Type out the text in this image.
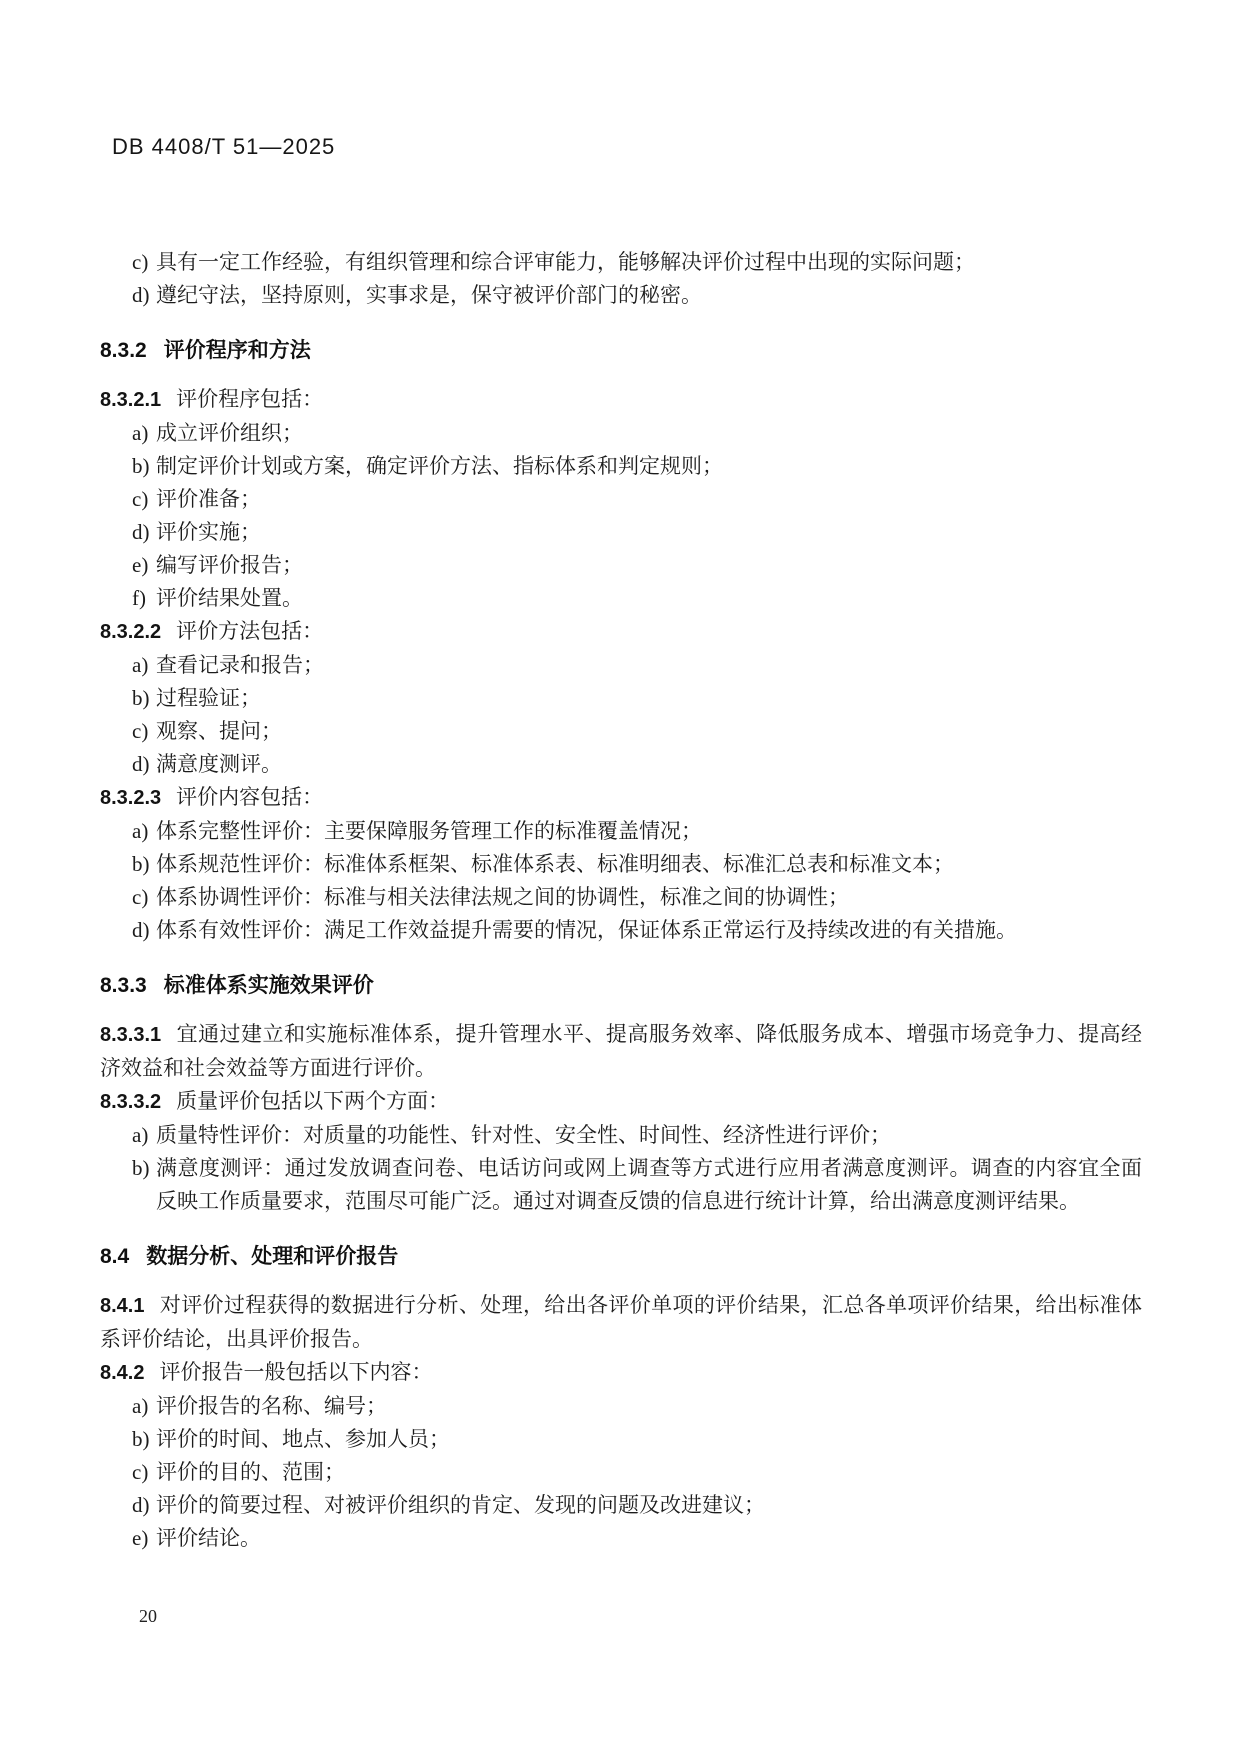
DB 4408/T 51—2025
c) 具有一定工作经验，有组织管理和综合评审能力，能够解决评价过程中出现的实际问题；
d) 遵纪守法，坚持原则，实事求是，保守被评价部门的秘密。
8.3.2 评价程序和方法
8.3.2.1 评价程序包括：
a) 成立评价组织；
b) 制定评价计划或方案，确定评价方法、指标体系和判定规则；
c) 评价准备；
d) 评价实施；
e) 编写评价报告；
f) 评价结果处置。
8.3.2.2 评价方法包括：
a) 查看记录和报告；
b) 过程验证；
c) 观察、提问；
d) 满意度测评。
8.3.2.3 评价内容包括：
a) 体系完整性评价：主要保障服务管理工作的标准覆盖情况；
b) 体系规范性评价：标准体系框架、标准体系表、标准明细表、标准汇总表和标准文本；
c) 体系协调性评价：标准与相关法律法规之间的协调性，标准之间的协调性；
d) 体系有效性评价：满足工作效益提升需要的情况，保证体系正常运行及持续改进的有关措施。
8.3.3 标准体系实施效果评价
8.3.3.1 宜通过建立和实施标准体系，提升管理水平、提高服务效率、降低服务成本、增强市场竞争力、提高经济效益和社会效益等方面进行评价。
8.3.3.2 质量评价包括以下两个方面：
a) 质量特性评价：对质量的功能性、针对性、安全性、时间性、经济性进行评价；
b) 满意度测评：通过发放调查问卷、电话访问或网上调查等方式进行应用者满意度测评。调查的内容宜全面反映工作质量要求，范围尽可能广泛。通过对调查反馈的信息进行统计计算，给出满意度测评结果。
8.4 数据分析、处理和评价报告
8.4.1 对评价过程获得的数据进行分析、处理，给出各评价单项的评价结果，汇总各单项评价结果，给出标准体系评价结论，出具评价报告。
8.4.2 评价报告一般包括以下内容：
a) 评价报告的名称、编号；
b) 评价的时间、地点、参加人员；
c) 评价的目的、范围；
d) 评价的简要过程、对被评价组织的肯定、发现的问题及改进建议；
e) 评价结论。
20
